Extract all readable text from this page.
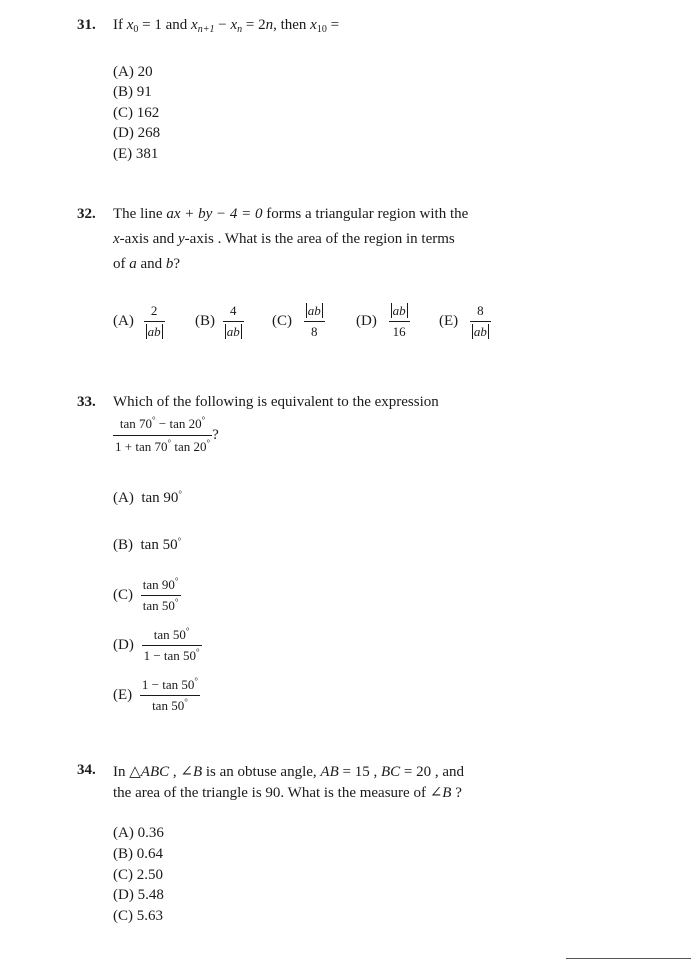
31. If $x_0 = 1$ and $x_{n+1} - x_n = 2n$, then $x_{10}$ =
(A) 20
(B) 91
(C) 162
(D) 268
(E) 381
32. The line ax + by − 4 = 0 forms a triangular region with the
x-axis and y-axis . What is the area of the region in terms
of a and b?
$(A) \frac{2}{ab} (B) \frac{4}{ab} (C) \frac{ab}{8} (D) \frac{ab}{16} (E) \frac{8}{ab}$
33. Which of the following is equivalent to the expression
$\frac{\tan 70^\circ - \tan 20^\circ}{1 + \tan 70^\circ \tan 20^\circ}$ ?
(A) tan 90°
(B) tan 50°
$(C) \frac{\tan 90^\circ}{\tan 50^\circ}$
$(D) \frac{\tan 50^\circ}{1 - \tan 50^\circ}$
$(E) \frac{1 - \tan 50^\circ}{\tan 50^\circ}$
34. In △ABC , ∠B is an obtuse angle, AB = 15 , BC = 20 , and
the area of the triangle is 90. What is the measure of ∠B ?
(A) 0.36
(B) 0.64
(C) 2.50
(D) 5.48
(C) 5.63
